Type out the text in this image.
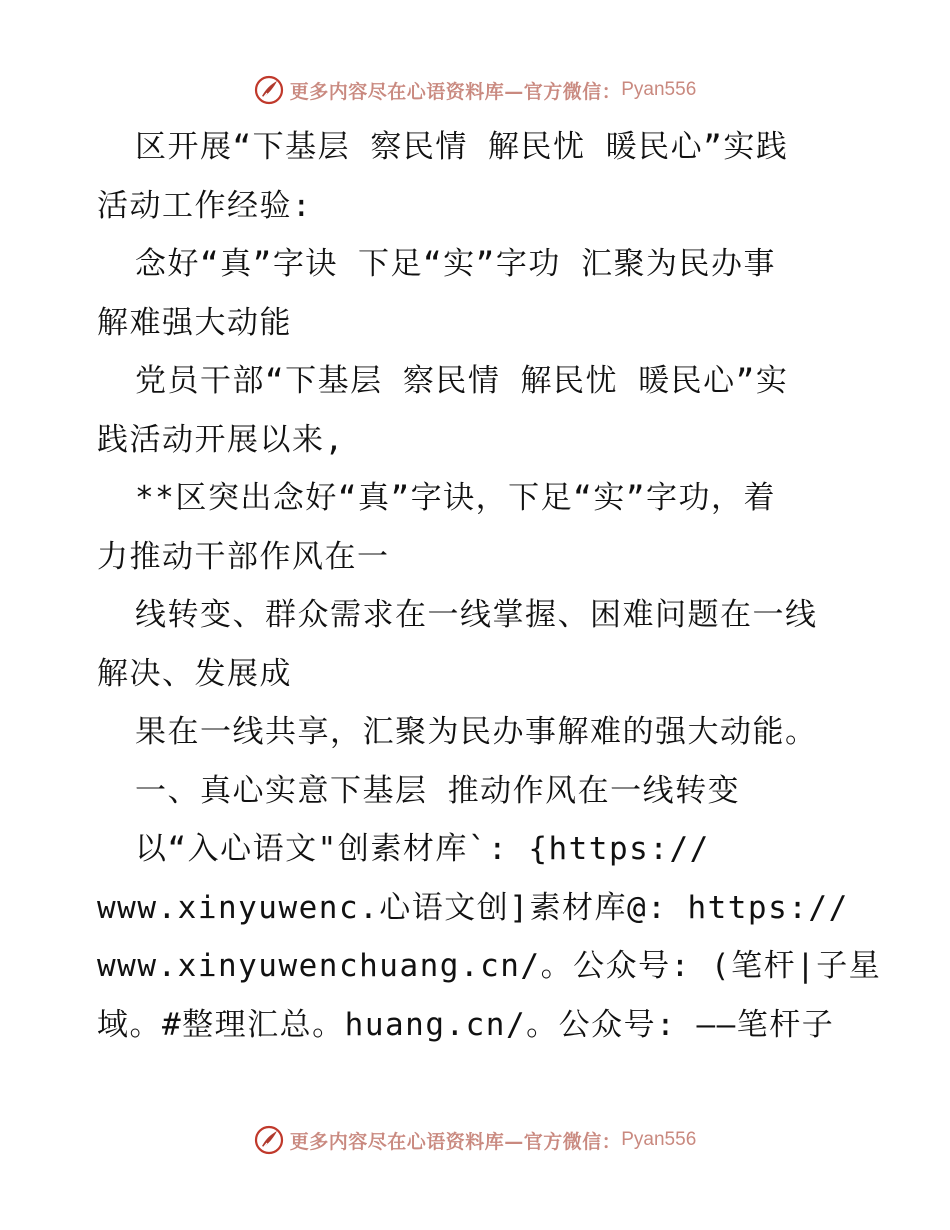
更多内容尽在心语资料库—官方微信： Pyan556
区开展“下基层 察民情 解民忧 暖民心”实践
活动工作经验:
念好“真”字诀 下足“实”字功 汇聚为民办事
解难强大动能
党员干部“下基层 察民情 解民忧 暖民心”实
践活动开展以来,
**区突出念好“真”字诀，下足“实”字功，着
力推动干部作风在一
线转变、群众需求在一线掌握、困难问题在一线
解决、发展成
果在一线共享，汇聚为民办事解难的强大动能。
一、真心实意下基层 推动作风在一线转变
以“入心语文"创素材库`: {https://
www.xinyuwenc.心语文创]素材库@: https://
www.xinyuwenchuang.cn/。公众号: (笔杆|子星
域。#整理汇总。huang.cn/。公众号: ——笔杆子
更多内容尽在心语资料库—官方微信： Pyan556
